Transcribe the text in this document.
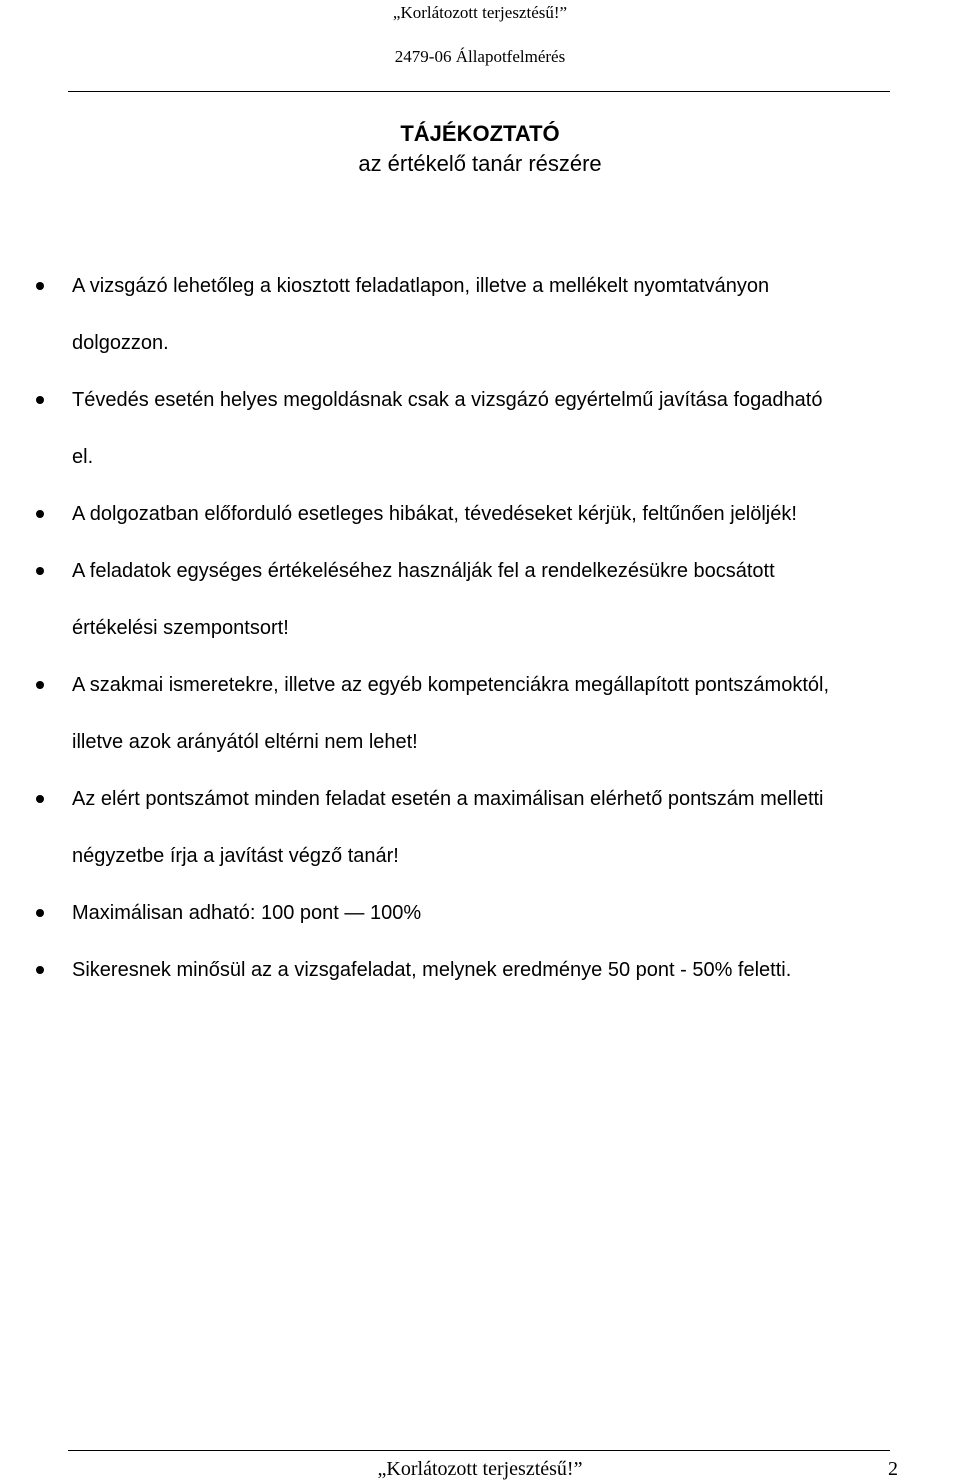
„Korlátozott terjesztésű!”
2479-06 Állapotfelmérés

TÁJÉKOZTATÓ

az értékelő tanár részére

A vizsgázó lehetőleg a kiosztott feladatlapon, illetve a mellékelt nyomtatványon
dolgozzon.
Tévedés esetén helyes megoldásnak csak a vizsgázó egyértelmű javítása fogadható
el.
A dolgozatban előforduló esetleges hibákat, tévedéseket kérjük, feltűnően jelöljék!
A feladatok egységes értékeléséhez használják fel a rendelkezésükre bocsátott
értékelési szempontsort!
A szakmai ismeretekre, illetve az egyéb kompetenciákra megállapított pontszámoktól,
illetve azok arányától eltérni nem lehet!
Az elért pontszámot minden feladat esetén a maximálisan elérhető pontszám melletti
négyzetbe írja a javítást végző tanár!
Maximálisan adható: 100 pont — 100%
Sikeresnek minősül az a vizsgafeladat, melynek eredménye 50 pont - 50% feletti.
„Korlátozott terjesztésű!”	2
